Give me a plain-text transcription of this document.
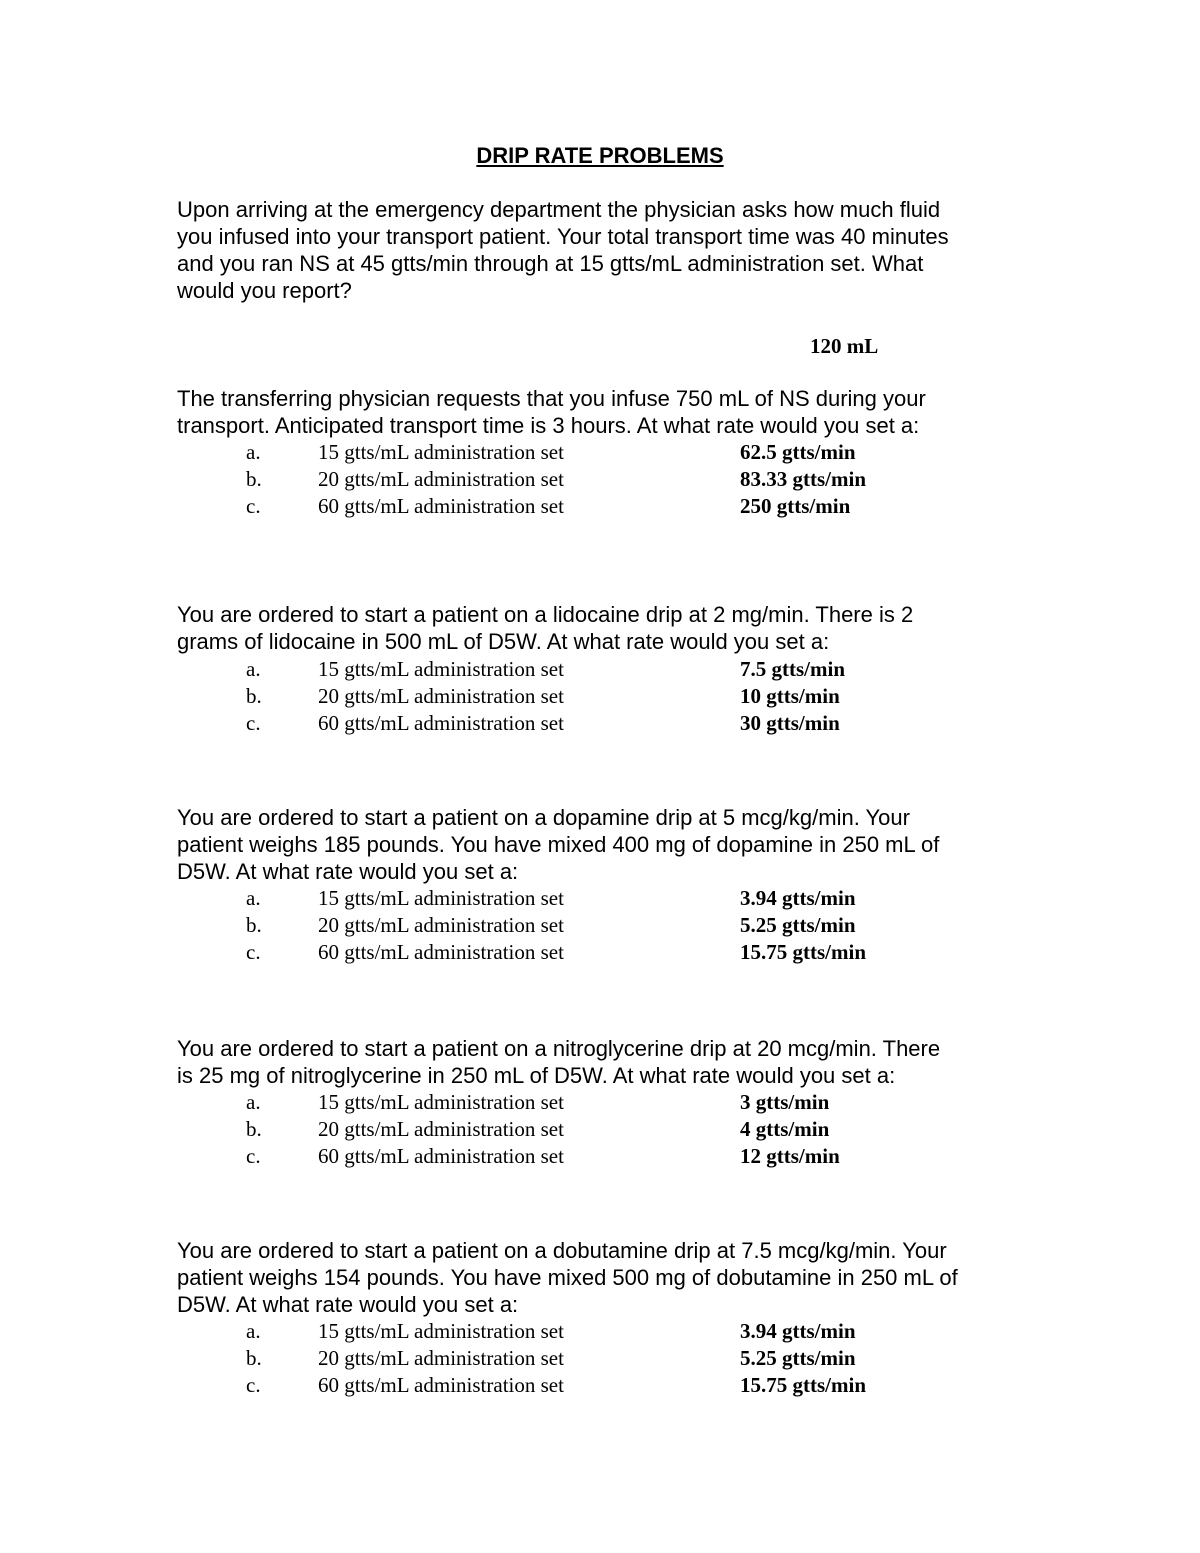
DRIP RATE PROBLEMS
Upon arriving at the emergency department the physician asks how much fluid
you infused into your transport patient. Your total transport time was 40 minutes
and you ran NS at 45 gtts/min through at 15 gtts/mL administration set. What
would you report?
120 mL
The transferring physician requests that you infuse 750 mL of NS during your
transport. Anticipated transport time is 3 hours. At what rate would you set a:
a.	15 gtts/mL administration set	62.5 gtts/min
b.	20 gtts/mL administration set	83.33 gtts/min
c.	60 gtts/mL administration set	250 gtts/min
You are ordered to start a patient on a lidocaine drip at 2 mg/min. There is 2
grams of lidocaine in 500 mL of D5W. At what rate would you set a:
a.	15 gtts/mL administration set	7.5 gtts/min
b.	20 gtts/mL administration set	10 gtts/min
c.	60 gtts/mL administration set	30 gtts/min
You are ordered to start a patient on a dopamine drip at 5 mcg/kg/min. Your
patient weighs 185 pounds. You have mixed 400 mg of dopamine in 250 mL of
D5W. At what rate would you set a:
a.	15 gtts/mL administration set	3.94 gtts/min
b.	20 gtts/mL administration set	5.25 gtts/min
c.	60 gtts/mL administration set	15.75 gtts/min
You are ordered to start a patient on a nitroglycerine drip at 20 mcg/min. There
is 25 mg of nitroglycerine in 250 mL of D5W. At what rate would you set a:
a.	15 gtts/mL administration set	3 gtts/min
b.	20 gtts/mL administration set	4 gtts/min
c.	60 gtts/mL administration set	12 gtts/min
You are ordered to start a patient on a dobutamine drip at 7.5 mcg/kg/min. Your
patient weighs 154 pounds. You have mixed 500 mg of dobutamine in 250 mL of
D5W. At what rate would you set a:
a.	15 gtts/mL administration set	3.94 gtts/min
b.	20 gtts/mL administration set	5.25 gtts/min
c.	60 gtts/mL administration set	15.75 gtts/min
